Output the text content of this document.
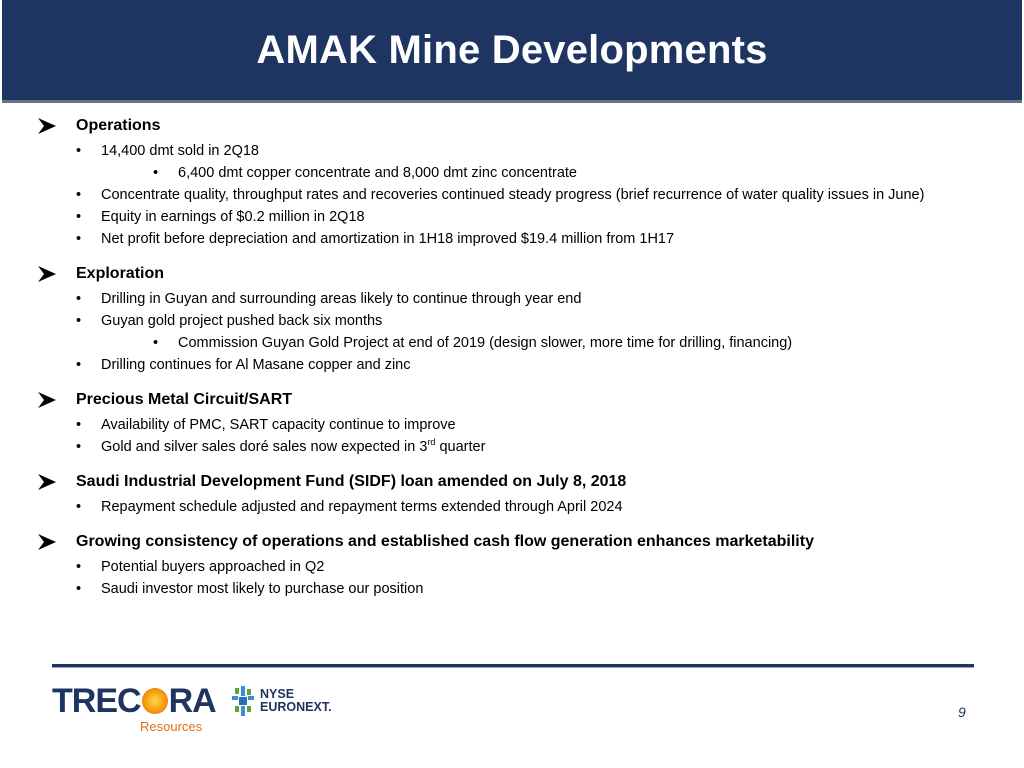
AMAK Mine Developments
Operations
• 14,400 dmt sold in 2Q18
• 6,400 dmt copper concentrate and 8,000 dmt zinc concentrate
• Concentrate quality, throughput rates and recoveries continued steady progress (brief recurrence of water quality issues in June)
• Equity in earnings of $0.2 million in 2Q18
• Net profit before depreciation and amortization in 1H18 improved $19.4 million from 1H17
Exploration
• Drilling in Guyan and surrounding areas likely to continue through year end
• Guyan gold project pushed back six months
• Commission Guyan Gold Project at end of 2019 (design slower, more time for drilling, financing)
• Drilling continues for Al Masane copper and zinc
Precious Metal Circuit/SART
• Availability of PMC, SART capacity continue to improve
• Gold and silver sales doré sales now expected in 3rd quarter
Saudi Industrial Development Fund (SIDF) loan amended on July 8, 2018
• Repayment schedule adjusted and repayment terms extended through April 2024
Growing consistency of operations and established cash flow generation enhances marketability
• Potential buyers approached in Q2
• Saudi investor most likely to purchase our position
TREC RA
Resources
NYSE
EURONEXT.	9
